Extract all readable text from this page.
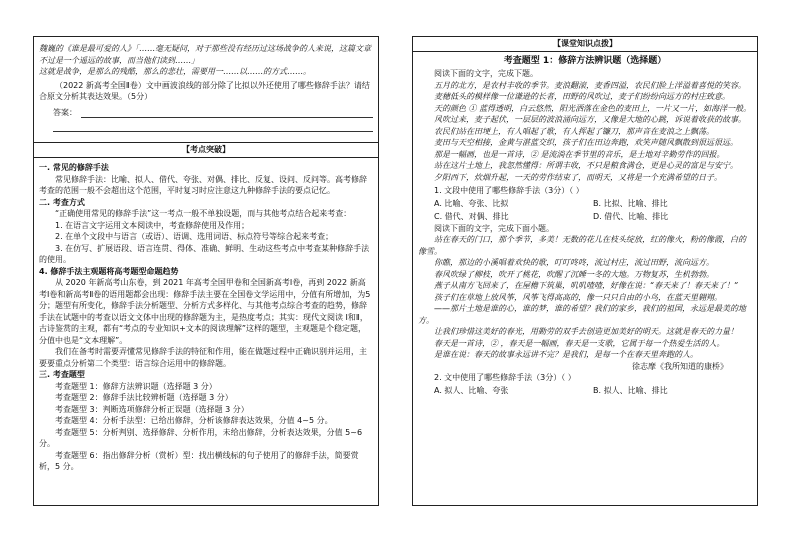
魏巍的《谁是最可爱的人》「……毫无疑问，对于那些没有经历过这场战争的人来说，这篇文章不过是一个遥远的故事，而当他们读到……」

这就是战争，是那么的残酷，那么的悲壮，需要用一……以……的方式……。

（2022 新高考全国Ⅱ卷）文中画波浪线的部分除了比拟以外还使用了哪些修辞手法？请结合原文分析其表达效果。（5分）

答案：
【考点突破】

一. 常见的修辞手法

常见修辞手法：比喻、拟人、借代、夸张、对偶、排比、反复、设问、反问等。高考修辞考查的范围一般不会超出这个范围，平时复习时应注意这九种修辞手法的要点记忆。

二. 考查方式

“正确使用常见的修辞手法”这一考点一般不单独设题，而与其他考点结合起来考查：

1. 在语言文字运用文本阅读中，考查修辞使用及作用；

2. 在单个文段中与语言（或语）、语调、选用词语、标点符号等综合起来考查；

3. 在仿写、扩展语段、语言连贯、得体、准确、鲜明、生动这些考点中考查某种修辞手法的使用。

4. 修辞手法主观题将高考题型命题趋势

从 2020 年新高考山东卷，到 2021 年高考全国甲卷和全国新高考Ⅰ卷，再到 2022 新高考Ⅰ卷和新高考Ⅱ卷的语用题都会出现：修辞手法主要在全国卷文学运用中，分值有所增加，为5分；题型有所变化，修辞手法分析题型、分析方式多样化、与其他考点综合考查的趋势，修辞手法在试题中的考查以语文文体中出现的修辞题为主，是热度考点；其实：现代文阅读 Ⅰ和Ⅱ，古诗鉴赏的主观，都有“考点的专业知识+文本的阅读理解”这样的题型，主观题是个稳定题，分值中也是“文本理解”。

我们在备考时需要弄懂常见修辞手法的特征和作用，能在做题过程中正确识别并运用，主要要重点分析第二个类型：语言综合运用中的修辞题。

三. 考查题型

考查题型 1：修辞方法辨识题（选择题 3 分）

考查题型 2：修辞手法比较辨析题（选择题 3 分）

考查题型 3：判断选项修辞分析正误题（选择题 3 分）

考查题型 4：分析手法型：已给出修辞，分析该修辞表达效果，分值 4~5 分。

考查题型 5：分析判别、选择修辞、分析作用，未给出修辞，分析表达效果，分值 5~6 分。

考查题型 6：指出修辞分析（赏析）型：找出横线标的句子使用了的修辞手法，简要赏析，5 分。

【课堂知识点拨】

考查题型 1：修辞方法辨识题（选择题）

阅读下面的文字，完成下题。

五月的北方，是农村丰收的季节。麦浪翻滚，麦香四溢，农民们脸上洋溢着喜悦的笑容。

麦穗低头的模样像一位谦逊的长者，田野的风吹过，麦子们纷纷向远方的村庄致意。

天的颜色 ① 蓝得透明，白云悠然，阳光洒落在金色的麦田上，一片又一片，如海洋一般。

风吹过来，麦子起伏，一层层的波浪涌向远方，又像是大地的心跳，诉说着收获的故事。

农民们站在田埂上，有人唱起了歌，有人挥起了镰刀，那声音在麦浪之上飘荡。

麦田与天空相接，金黄与湛蓝交织，孩子们在田边奔跑，欢笑声随风飘散到很远很远。

那是一幅画，也是一首诗，② 是流淌在季节里的音乐，是土地对辛勤劳作的回报。

站在这片土地上，我忽然懂得：所谓丰收，不只是粮食满仓，更是心灵的富足与安宁。

夕阳西下，炊烟升起，一天的劳作结束了，而明天，又将是一个充满希望的日子。

1. 文段中使用了哪些修辞手法（3分）（ ）

A. 比喻、夸张、比拟	B. 比拟、比喻、排比
C. 借代、对偶、排比	D. 借代、比喻、排比

阅读下面的文字，完成下面小题。

站在春天的门口，那个季节，多美！无数的花儿在枝头绽放，红的像火，粉的像霞，白的像雪。

你瞧，那边的小溪唱着欢快的歌，叮叮咚咚，流过村庄，流过田野，流向远方。

春风吹绿了柳枝，吹开了桃花，吹醒了沉睡一冬的大地。万物复苏，生机勃勃。

燕子从南方飞回来了，在屋檐下筑巢，叽叽喳喳，好像在说：“春天来了！春天来了！”

孩子们在草地上放风筝，风筝飞得高高的，像一只只自由的小鸟，在蓝天里翱翔。

——那片土地是谁的心，谁的梦，谁的希望？我们的家乡，我们的祖国，永远是最美的地方。

让我们珍惜这美好的春光，用勤劳的双手去创造更加美好的明天。这就是春天的力量！

春天是一首诗，② ，春天是一幅画，春天是一支歌，它属于每一个热爱生活的人。

是谁在说：春天的故事永远讲不完？是我们，是每一个在春天里奔跑的人。

徐志摩《我所知道的康桥》

2. 文中使用了哪些修辞手法（3分）（ ）

A. 拟人、比喻、夸张	B. 拟人、比喻、排比
